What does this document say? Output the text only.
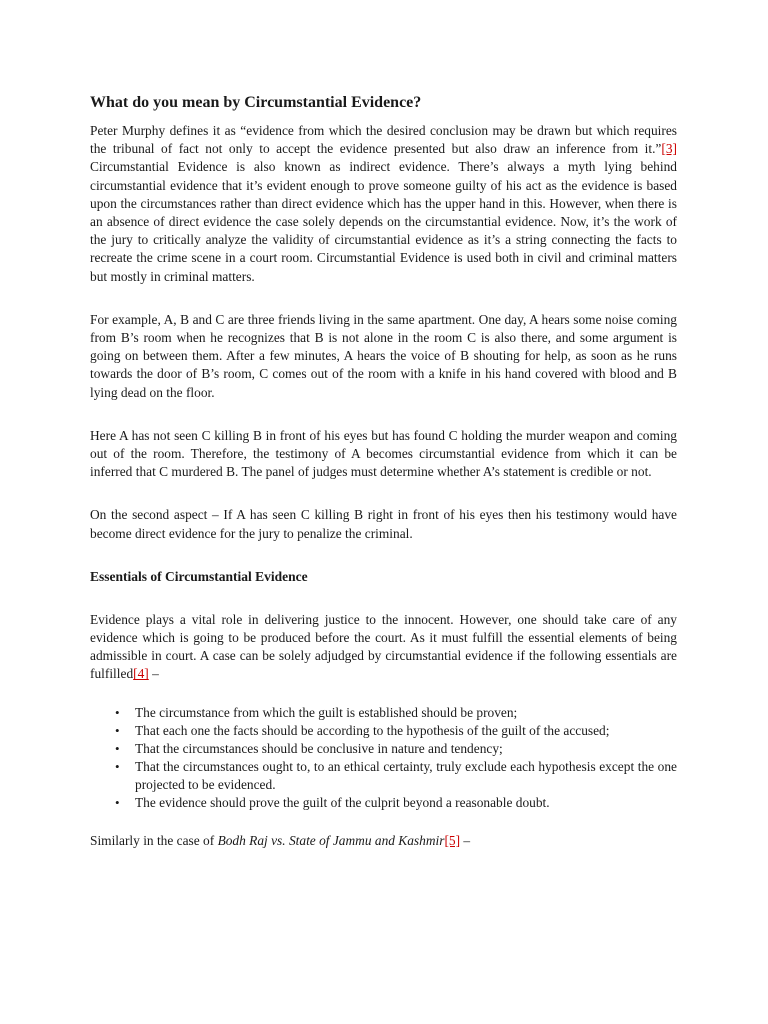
What do you mean by Circumstantial Evidence?

Peter Murphy defines it as “evidence from which the desired conclusion may be drawn but which requires the tribunal of fact not only to accept the evidence presented but also draw an inference from it.”[3] Circumstantial Evidence is also known as indirect evidence. There’s always a myth lying behind circumstantial evidence that it’s evident enough to prove someone guilty of his act as the evidence is based upon the circumstances rather than direct evidence which has the upper hand in this. However, when there is an absence of direct evidence the case solely depends on the circumstantial evidence. Now, it’s the work of the jury to critically analyze the validity of circumstantial evidence as it’s a string connecting the facts to recreate the crime scene in a court room. Circumstantial Evidence is used both in civil and criminal matters but mostly in criminal matters.

For example, A, B and C are three friends living in the same apartment. One day, A hears some noise coming from B’s room when he recognizes that B is not alone in the room C is also there, and some argument is going on between them. After a few minutes, A hears the voice of B shouting for help, as soon as he runs towards the door of B’s room, C comes out of the room with a knife in his hand covered with blood and B lying dead on the floor.

Here A has not seen C killing B in front of his eyes but has found C holding the murder weapon and coming out of the room. Therefore, the testimony of A becomes circumstantial evidence from which it can be inferred that C murdered B. The panel of judges must determine whether A’s statement is credible or not.

On the second aspect – If A has seen C killing B right in front of his eyes then his testimony would have become direct evidence for the jury to penalize the criminal.

Essentials of Circumstantial Evidence

Evidence plays a vital role in delivering justice to the innocent. However, one should take care of any evidence which is going to be produced before the court. As it must fulfill the essential elements of being admissible in court. A case can be solely adjudged by circumstantial evidence if the following essentials are fulfilled[4] –

• The circumstance from which the guilt is established should be proven;
• That each one the facts should be according to the hypothesis of the guilt of the accused;
• That the circumstances should be conclusive in nature and tendency;
• That the circumstances ought to, to an ethical certainty, truly exclude each hypothesis except the one projected to be evidenced.
• The evidence should prove the guilt of the culprit beyond a reasonable doubt.

Similarly in the case of Bodh Raj vs. State of Jammu and Kashmir[5] –
